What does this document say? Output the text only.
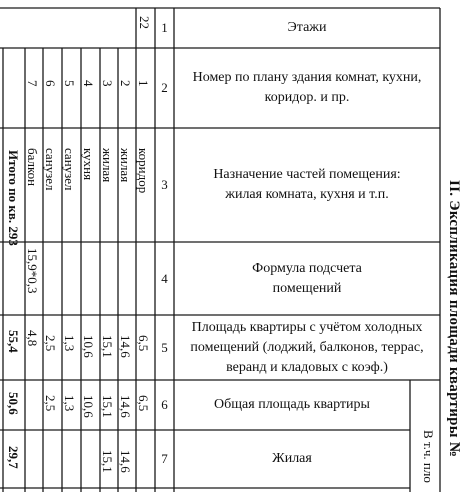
Этажи
Номер по плану здания комнат, кухни,
коридор. и пр.
Назначение частей помещения:
жилая комната, кухня и т.п.
Формула подсчета
помещений
Площадь квартиры с учётом холодных
помещений (лоджий, балконов, террас,
веранд и кладовых с коэф.)
Общая площадь квартиры
Жилая
1
2
3
4
5
6
7
22
1
коридор
6,5
6,5
2
жилая
14,6
14,6
14,6
3
жилая
15,1
15,1
15,1
4
кухня
10,6
10,6
5
санузел
1,3
1,3
6
санузел
2,5
2,5
7
балкон
15,9*0,3
4,8
Итого по кв. 293
55,4
50,6
29,7
II. Экспликация площади квартиры №
В т.ч. пло
